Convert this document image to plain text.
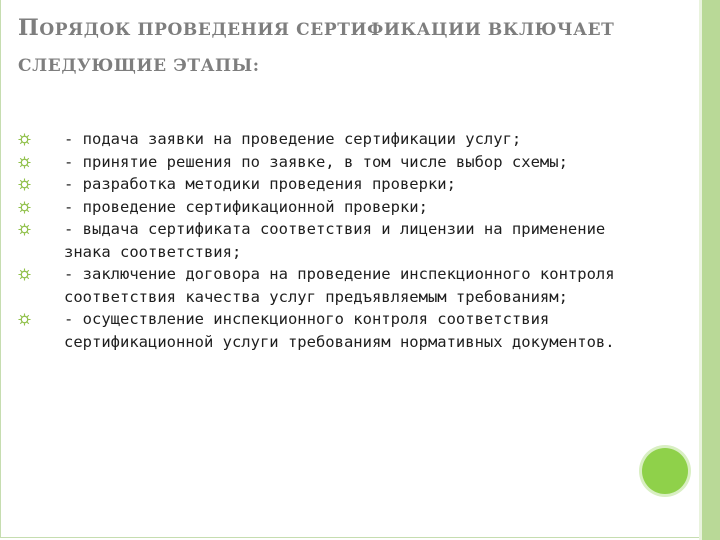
ПОРЯДОК ПРОВЕДЕНИЯ СЕРТИФИКАЦИИ ВКЛЮЧАЕТ СЛЕДУЮЩИЕ ЭТАПЫ:
- подача заявки на проведение сертификации услуг;
- принятие решения по заявке, в том числе выбор схемы;
- разработка методики проведения проверки;
- проведение сертификационной проверки;
- выдача сертификата соответствия и лицензии на применение знака соответствия;
- заключение договора на проведение инспекционного контроля соответствия качества услуг предъявляемым требованиям;
- осуществление инспекционного контроля соответствия сертификационной услуги требованиям нормативных документов.
